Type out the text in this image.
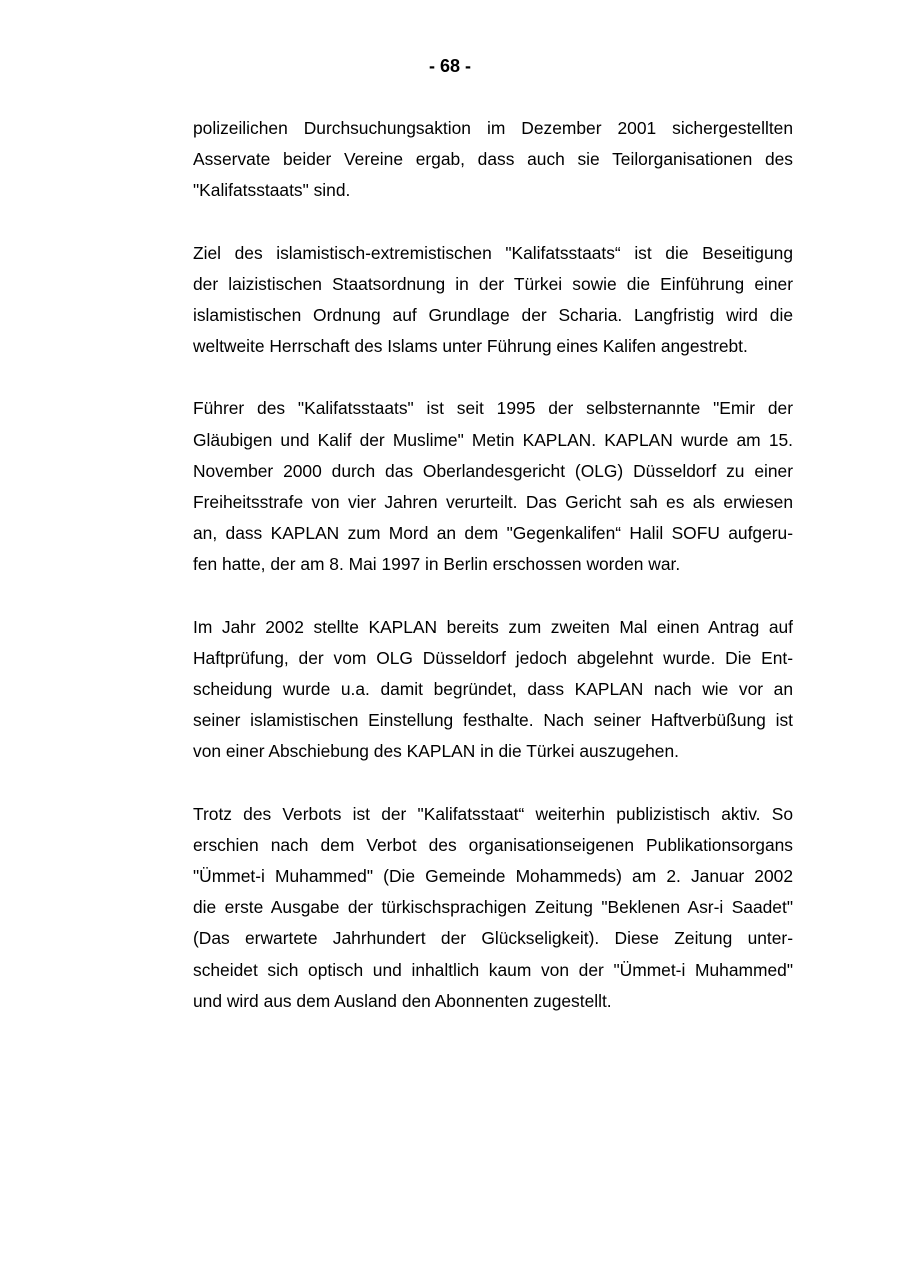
- 68 -

polizeilichen Durchsuchungsaktion im Dezember 2001 sichergestellten
Asservate beider Vereine ergab, dass auch sie Teilorganisationen des
"Kalifatsstaats" sind.

Ziel des islamistisch-extremistischen "Kalifatsstaats“ ist die Beseitigung
der laizistischen Staatsordnung in der Türkei sowie die Einführung einer
islamistischen Ordnung auf Grundlage der Scharia. Langfristig wird die
weltweite Herrschaft des Islams unter Führung eines Kalifen angestrebt.

Führer des "Kalifatsstaats" ist seit 1995 der selbsternannte "Emir der
Gläubigen und Kalif der Muslime" Metin KAPLAN. KAPLAN wurde am 15.
November 2000 durch das Oberlandesgericht (OLG) Düsseldorf zu einer
Freiheitsstrafe von vier Jahren verurteilt. Das Gericht sah es als erwiesen
an, dass KAPLAN zum Mord an dem "Gegenkalifen“ Halil SOFU aufgeru-
fen hatte, der am 8. Mai 1997 in Berlin erschossen worden war.

Im Jahr 2002 stellte KAPLAN bereits zum zweiten Mal einen Antrag auf
Haftprüfung, der vom OLG Düsseldorf jedoch abgelehnt wurde. Die Ent-
scheidung wurde u.a. damit begründet, dass KAPLAN nach wie vor an
seiner islamistischen Einstellung festhalte. Nach seiner Haftverbüßung ist
von einer Abschiebung des KAPLAN in die Türkei auszugehen.

Trotz des Verbots ist der "Kalifatsstaat“ weiterhin publizistisch aktiv. So
erschien nach dem Verbot des organisationseigenen Publikationsorgans
"Ümmet-i Muhammed" (Die Gemeinde Mohammeds) am 2. Januar 2002
die erste Ausgabe der türkischsprachigen Zeitung "Beklenen Asr-i Saadet"
(Das erwartete Jahrhundert der Glückseligkeit). Diese Zeitung unter-
scheidet sich optisch und inhaltlich kaum von der "Ümmet-i Muhammed"
und wird aus dem Ausland den Abonnenten zugestellt.
